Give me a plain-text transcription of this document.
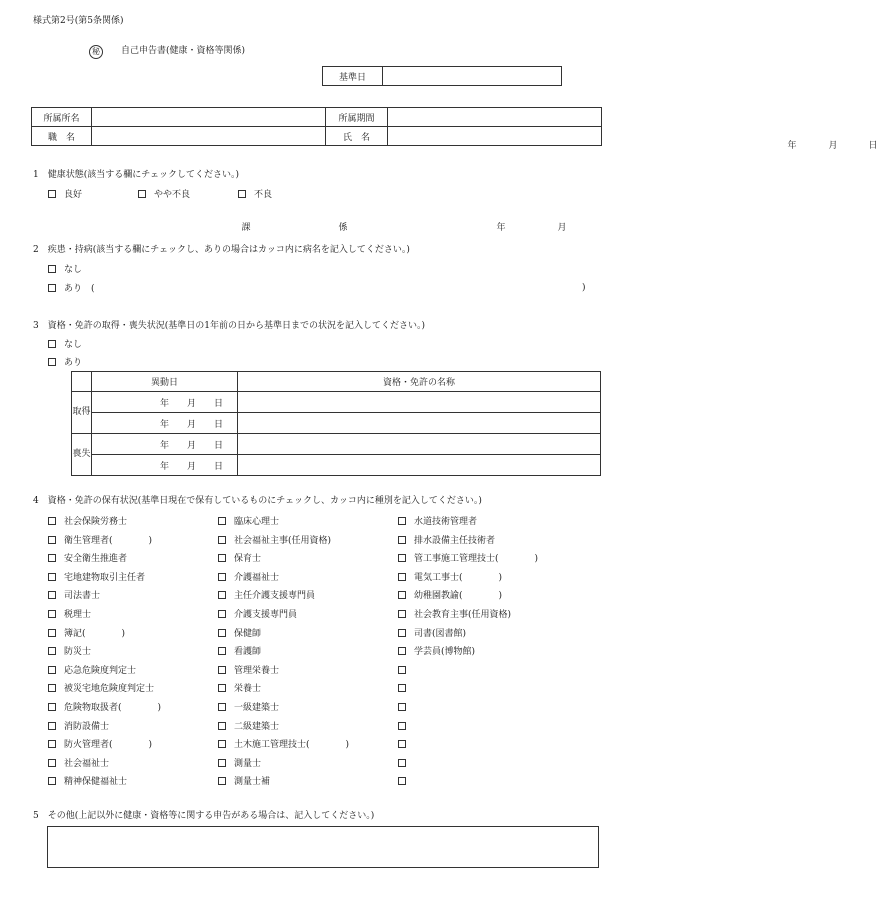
様式第2号(第5条関係)
秘	自己申告書(健康・資格等関係)
基準日	
年	月	日
所属所名	課 係	所属期間	年 月

職　名		氏　名	
1　健康状態(該当する欄にチェックしてください。)
良好	やや不良	不良
2　疾患・持病(該当する欄にチェックし、ありの場合はカッコ内に病名を記入してください。)
なし
あり　(	)
3　資格・免許の取得・喪失状況(基準日の1年前の日から基準日までの状況を記入してください。)
なし
あり
	異動日	資格・免許の名称
取得	年 月 日	

	年 月 日	

喪失	年 月 日	

	年 月 日	

4　資格・免許の保有状況(基準日現在で保有しているものにチェックし、カッコ内に種別を記入してください。)
社会保険労務士
衛生管理者(　　　　)
安全衛生推進者
宅地建物取引主任者
司法書士
税理士
簿記(　　　　)
防災士
応急危険度判定士
被災宅地危険度判定士
危険物取扱者(　　　　)
消防設備士
防火管理者(　　　　)
社会福祉士
精神保健福祉士
臨床心理士
社会福祉主事(任用資格)
保育士
介護福祉士
主任介護支援専門員
介護支援専門員
保健師
看護師
管理栄養士
栄養士
一級建築士
二級建築士
土木施工管理技士(　　　　)
測量士
測量士補
水道技術管理者
排水設備主任技術者
管工事施工管理技士(　　　　)
電気工事士(　　　　)
幼稚園教諭(　　　　)
社会教育主事(任用資格)
司書(図書館)
学芸員(博物館)
5　その他(上記以外に健康・資格等に関する申告がある場合は、記入してください。)
